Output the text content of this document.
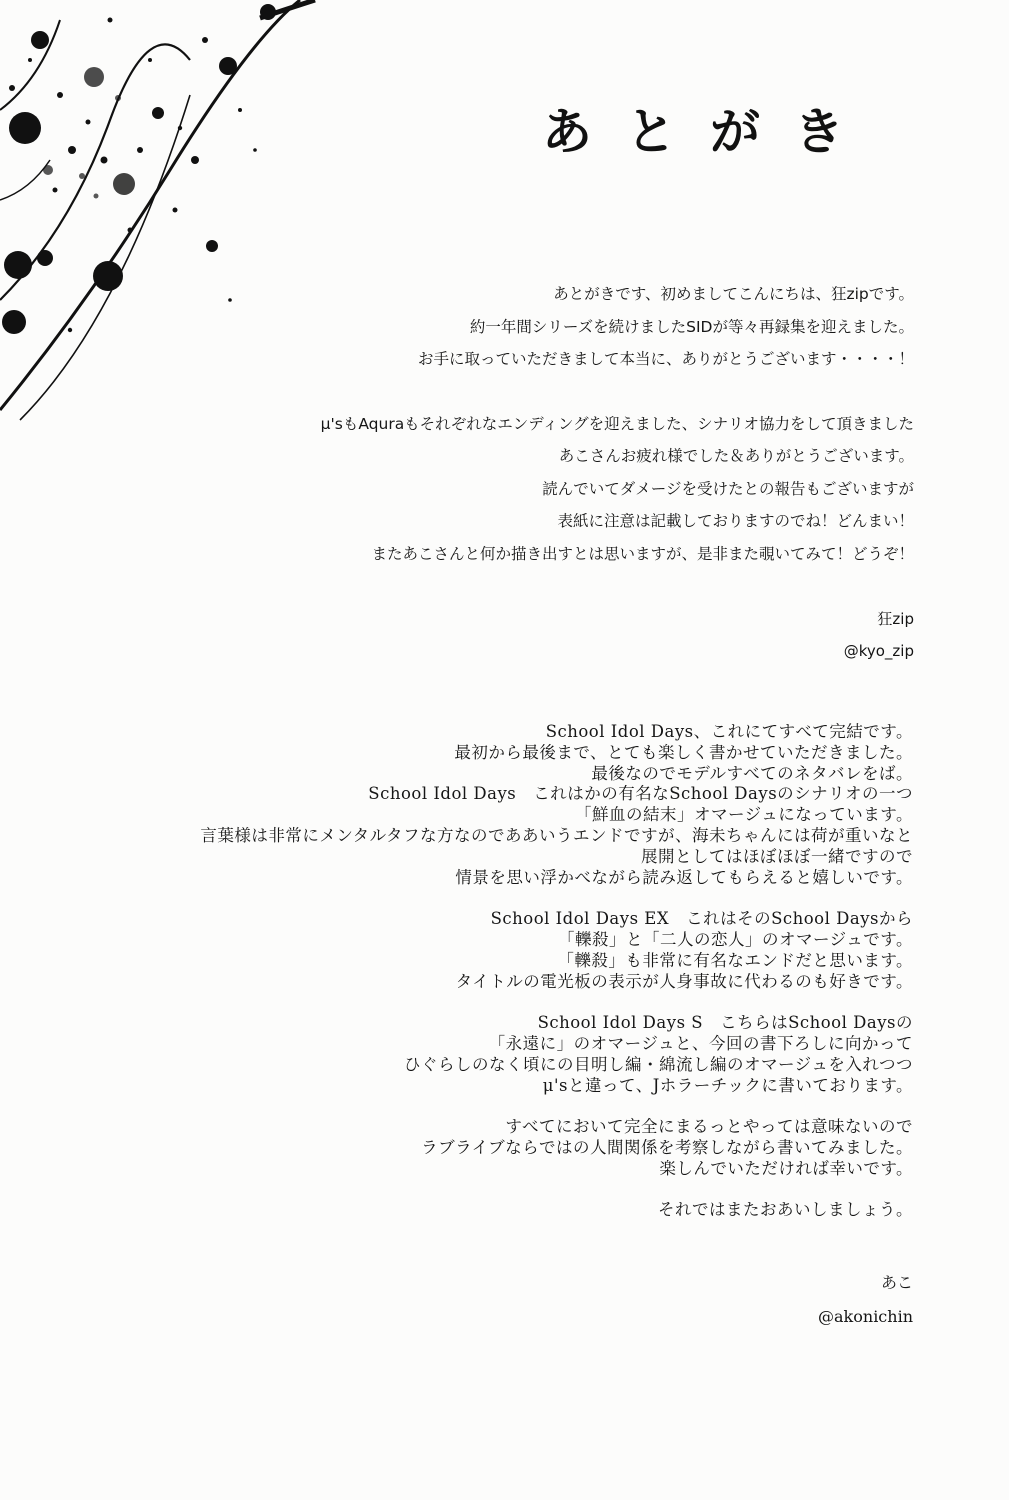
あとがき
あとがきです、初めましてこんにちは、狂zipです。
約一年間シリーズを続けましたSIDが等々再録集を迎えました。
お手に取っていただきまして本当に、ありがとうございます・・・・！
μ'sもAquraもそれぞれなエンディングを迎えました、シナリオ協力をして頂きました
あこさんお疲れ様でした＆ありがとうございます。
読んでいてダメージを受けたとの報告もございますが
表紙に注意は記載しておりますのでね！どんまい！
またあこさんと何か描き出すとは思いますが、是非また覗いてみて！どうぞ！
狂zip
@kyo_zip
School Idol Days、これにてすべて完結です。
最初から最後まで、とても楽しく書かせていただきました。
最後なのでモデルすべてのネタバレをば。
School Idol Days　これはかの有名なSchool Daysのシナリオの一つ
「鮮血の結末」オマージュになっています。
言葉様は非常にメンタルタフな方なのでああいうエンドですが、海未ちゃんには荷が重いなと
展開としてはほぼほぼ一緒ですので
情景を思い浮かべながら読み返してもらえると嬉しいです。
School Idol Days EX　これはそのSchool Daysから
「轢殺」と「二人の恋人」のオマージュです。
「轢殺」も非常に有名なエンドだと思います。
タイトルの電光板の表示が人身事故に代わるのも好きです。
School Idol Days S　こちらはSchool Daysの
「永遠に」のオマージュと、今回の書下ろしに向かって
ひぐらしのなく頃にの目明し編・綿流し編のオマージュを入れつつ
μ'sと違って、Jホラーチックに書いております。
すべてにおいて完全にまるっとやっては意味ないので
ラブライブならではの人間関係を考察しながら書いてみました。
楽しんでいただければ幸いです。
それではまたおあいしましょう。
あこ
@akonichin
